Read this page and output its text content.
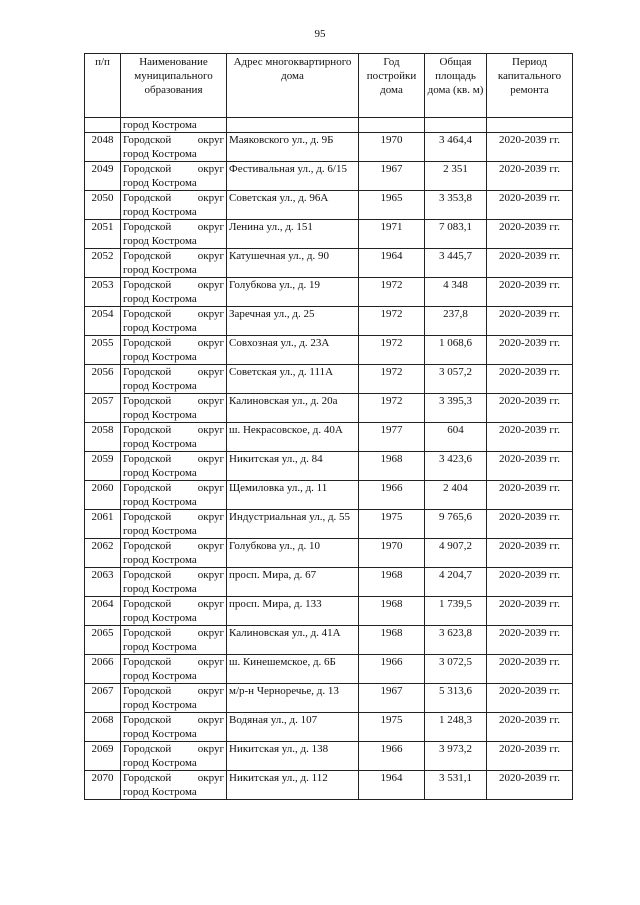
95
п/п	Наименование муниципального образования	Адрес многоквартирного дома	Год постройки дома	Общая площадь дома (кв. м)	Период капитального ремонта
	город Кострома				
2048	Городской округ город Кострома	Маяковского ул., д. 9Б	1970	3 464,4	2020-2039 гг.
2049	Городской округ город Кострома	Фестивальная ул., д. 6/15	1967	2 351	2020-2039 гг.
2050	Городской округ город Кострома	Советская ул., д. 96А	1965	3 353,8	2020-2039 гг.
2051	Городской округ город Кострома	Ленина ул., д. 151	1971	7 083,1	2020-2039 гг.
2052	Городской округ город Кострома	Катушечная ул., д. 90	1964	3 445,7	2020-2039 гг.
2053	Городской округ город Кострома	Голубкова ул., д. 19	1972	4 348	2020-2039 гг.
2054	Городской округ город Кострома	Заречная ул., д. 25	1972	237,8	2020-2039 гг.
2055	Городской округ город Кострома	Совхозная ул., д. 23А	1972	1 068,6	2020-2039 гг.
2056	Городской округ город Кострома	Советская ул., д. 111А	1972	3 057,2	2020-2039 гг.
2057	Городской округ город Кострома	Калиновская ул., д. 20а	1972	3 395,3	2020-2039 гг.
2058	Городской округ город Кострома	ш. Некрасовское, д. 40А	1977	604	2020-2039 гг.
2059	Городской округ город Кострома	Никитская ул., д. 84	1968	3 423,6	2020-2039 гг.
2060	Городской округ город Кострома	Щемиловка ул., д. 11	1966	2 404	2020-2039 гг.
2061	Городской округ город Кострома	Индустриальная ул., д. 55	1975	9 765,6	2020-2039 гг.
2062	Городской округ город Кострома	Голубкова ул., д. 10	1970	4 907,2	2020-2039 гг.
2063	Городской округ город Кострома	просп. Мира, д. 67	1968	4 204,7	2020-2039 гг.
2064	Городской округ город Кострома	просп. Мира, д. 133	1968	1 739,5	2020-2039 гг.
2065	Городской округ город Кострома	Калиновская ул., д. 41А	1968	3 623,8	2020-2039 гг.
2066	Городской округ город Кострома	ш. Кинешемское, д. 6Б	1966	3 072,5	2020-2039 гг.
2067	Городской округ город Кострома	м/р-н Черноречье, д. 13	1967	5 313,6	2020-2039 гг.
2068	Городской округ город Кострома	Водяная ул., д. 107	1975	1 248,3	2020-2039 гг.
2069	Городской округ город Кострома	Никитская ул., д. 138	1966	3 973,2	2020-2039 гг.
2070	Городской округ город Кострома	Никитская ул., д. 112	1964	3 531,1	2020-2039 гг.
